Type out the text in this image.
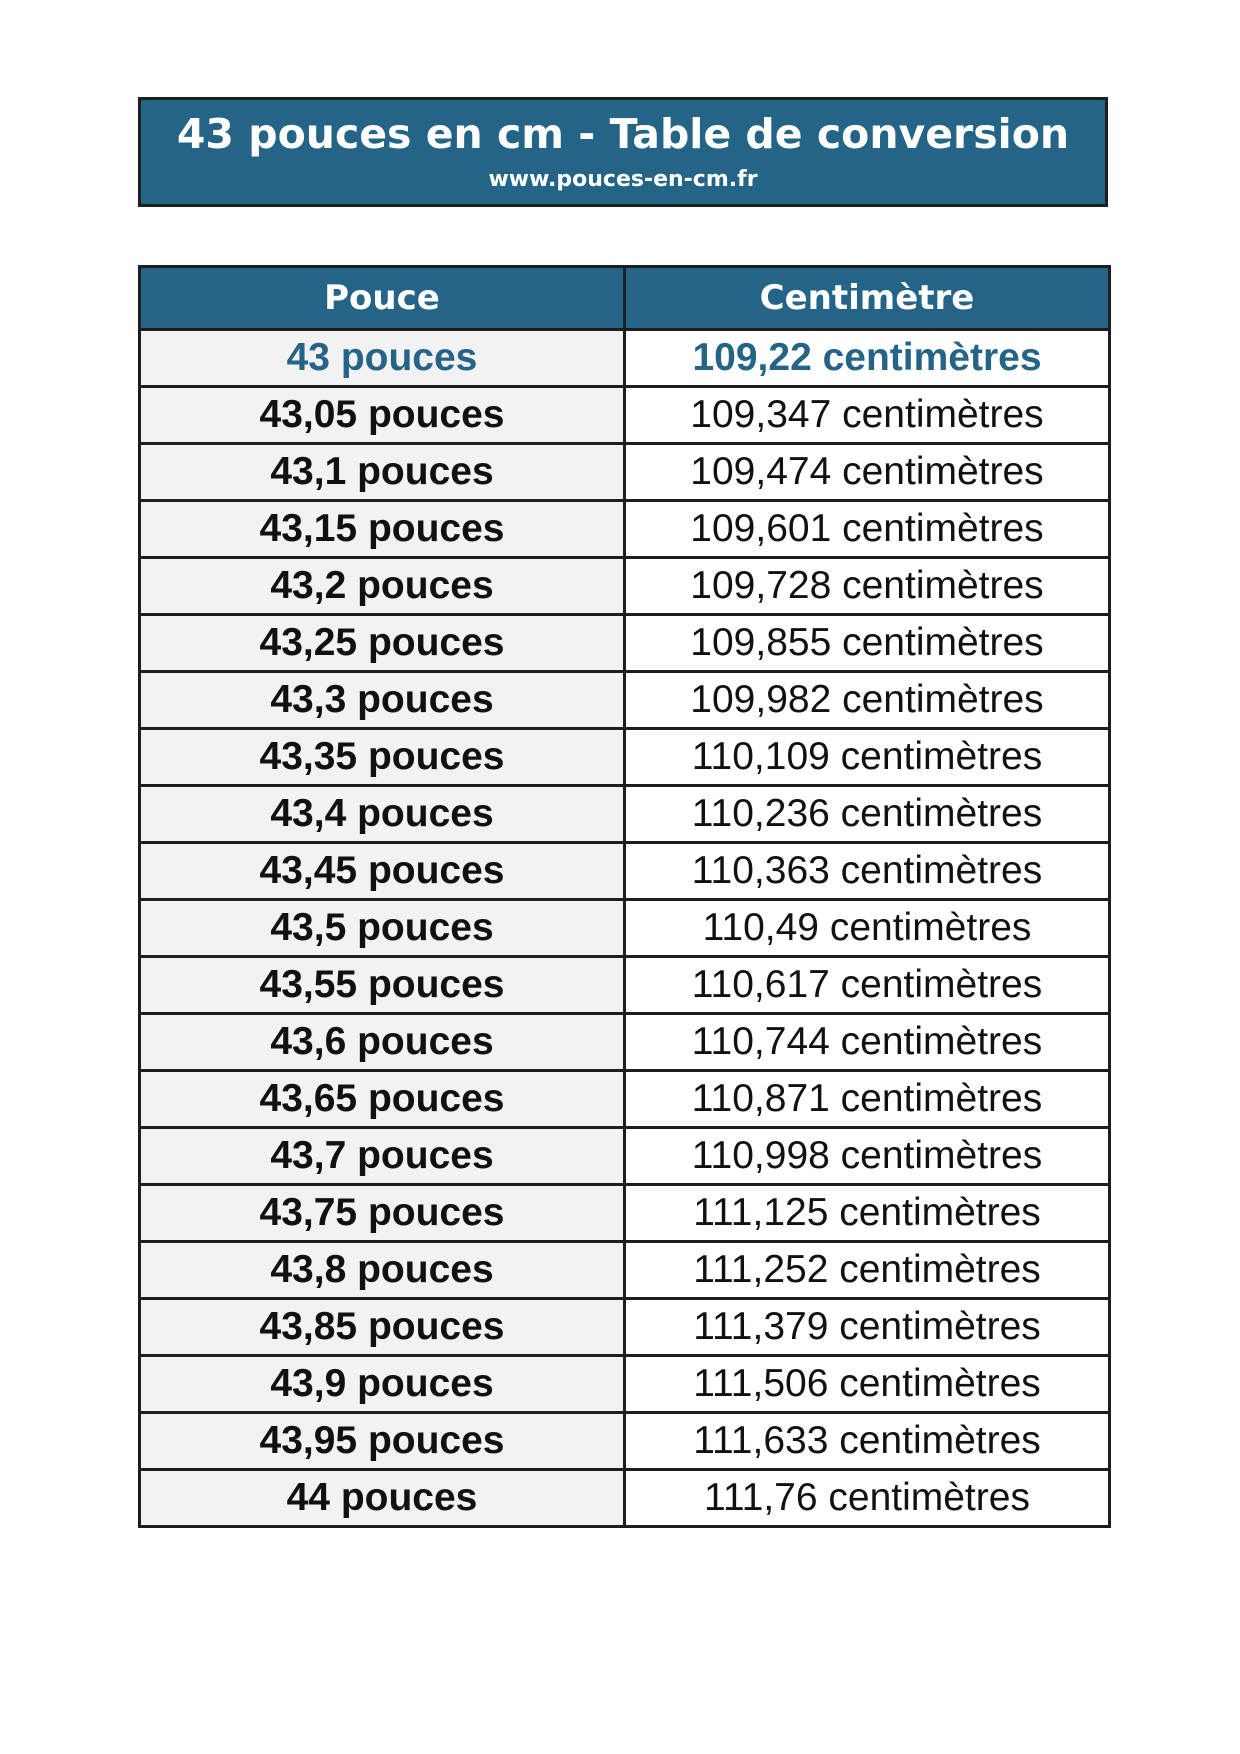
43 pouces en cm - Table de conversion
www.pouces-en-cm.fr
Pouce	Centimètre
43 pouces	109,22 centimètres
43,05 pouces	109,347 centimètres
43,1 pouces	109,474 centimètres
43,15 pouces	109,601 centimètres
43,2 pouces	109,728 centimètres
43,25 pouces	109,855 centimètres
43,3 pouces	109,982 centimètres
43,35 pouces	110,109 centimètres
43,4 pouces	110,236 centimètres
43,45 pouces	110,363 centimètres
43,5 pouces	110,49 centimètres
43,55 pouces	110,617 centimètres
43,6 pouces	110,744 centimètres
43,65 pouces	110,871 centimètres
43,7 pouces	110,998 centimètres
43,75 pouces	111,125 centimètres
43,8 pouces	111,252 centimètres
43,85 pouces	111,379 centimètres
43,9 pouces	111,506 centimètres
43,95 pouces	111,633 centimètres
44 pouces	111,76 centimètres
